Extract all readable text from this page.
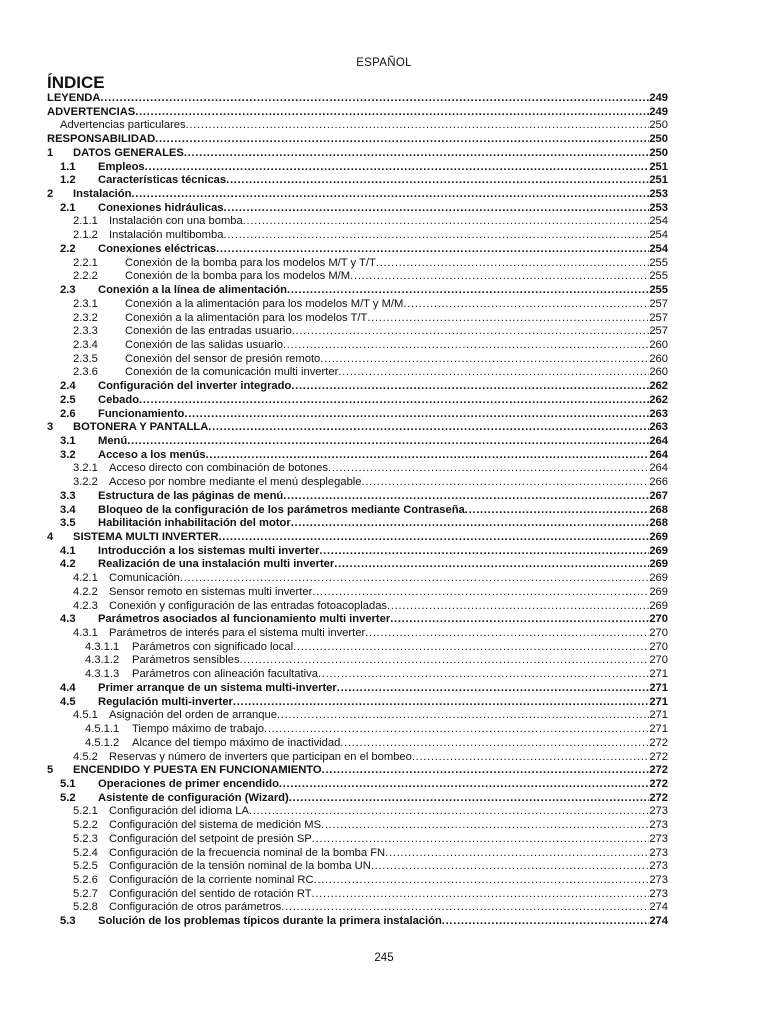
ESPAÑOL
ÍNDICE
LEYENDA . . .	249
ADVERTENCIAS . . .	249
Advertencias particulares . . .	250
RESPONSABILIDAD . . .	250
1	DATOS GENERALES . . .	250
1.1	Empleos . . .	251
1.2	Características técnicas . . .	251
2	Instalación . . .	253
2.1	Conexiones hidráulicas . . .	253
2.1.1 Instalación con una bomba . . .	254
2.1.2 Instalación multibomba . . .	254
2.2	Conexiones eléctricas . . .	254
2.2.1	Conexión de la bomba para los modelos M/T y T/T . . .	255
2.2.2	Conexión de la bomba para los modelos M/M . . .	255
2.3	Conexión a la línea de alimentación . . .	255
2.3.1	Conexión a la alimentación para los modelos M/T y M/M . . .	257
2.3.2	Conexión a la alimentación para los modelos T/T . . .	257
2.3.3	Conexión de las entradas usuario . . .	257
2.3.4	Conexión de las salidas usuario . . .	260
2.3.5	Conexión del sensor de presión remoto . . .	260
2.3.6	Conexión de la comunicación multi inverter . . .	260
2.4	Configuración del inverter integrado . . .	262
2.5	Cebado . . .	262
2.6	Funcionamiento . . .	263
3	BOTONERA Y PANTALLA . . .	263
3.1	Menú . . .	264
3.2	Acceso a los menús . . .	264
3.2.1 Acceso directo con combinación de botones . . .	264
3.2.2 Acceso por nombre mediante el menú desplegable . . .	266
3.3	Estructura de las páginas de menú . . .	267
3.4	Bloqueo de la configuración de los parámetros mediante Contraseña . . .	268
3.5	Habilitación inhabilitación del motor . . .	268
4	SISTEMA MULTI INVERTER . . .	269
4.1	Introducción a los sistemas multi inverter . . .	269
4.2	Realización de una instalación multi inverter . . .	269
4.2.1 Comunicación . . .	269
4.2.2 Sensor remoto en sistemas multi inverter . . .	269
4.2.3 Conexión y configuración de las entradas fotoacopladas . . .	269
4.3	Parámetros asociados al funcionamiento multi inverter . . .	270
4.3.1 Parámetros de interés para el sistema multi inverter . . .	270
4.3.1.1	Parámetros con significado local . . .	270
4.3.1.2	Parámetros sensibles . . .	270
4.3.1.3	Parámetros con alineación facultativa . . .	271
4.4	Primer arranque de un sistema multi-inverter . . .	271
4.5	Regulación multi-inverter . . .	271
4.5.1 Asignación del orden de arranque . . .	271
4.5.1.1	Tiempo máximo de trabajo . . .	271
4.5.1.2	Alcance del tiempo máximo de inactividad . . .	272
4.5.2 Reservas y número de inverters que participan en el bombeo . . .	272
5	ENCENDIDO Y PUESTA EN FUNCIONAMIENTO . . .	272
5.1	Operaciones de primer encendido . . .	272
5.2	Asistente de configuración (Wizard) . . .	272
5.2.1 Configuración del idioma LA . . .	273
5.2.2 Configuración del sistema de medición MS . . .	273
5.2.3 Configuración del setpoint de presión SP . . .	273
5.2.4 Configuración de la frecuencia nominal de la bomba FN . . .	273
5.2.5 Configuración de la tensión nominal de la bomba UN . . .	273
5.2.6 Configuración de la corriente nominal RC . . .	273
5.2.7 Configuración del sentido de rotación RT . . .	273
5.2.8 Configuración de otros parámetros . . .	274
5.3	Solución de los problemas típicos durante la primera instalación . . .	274
245
